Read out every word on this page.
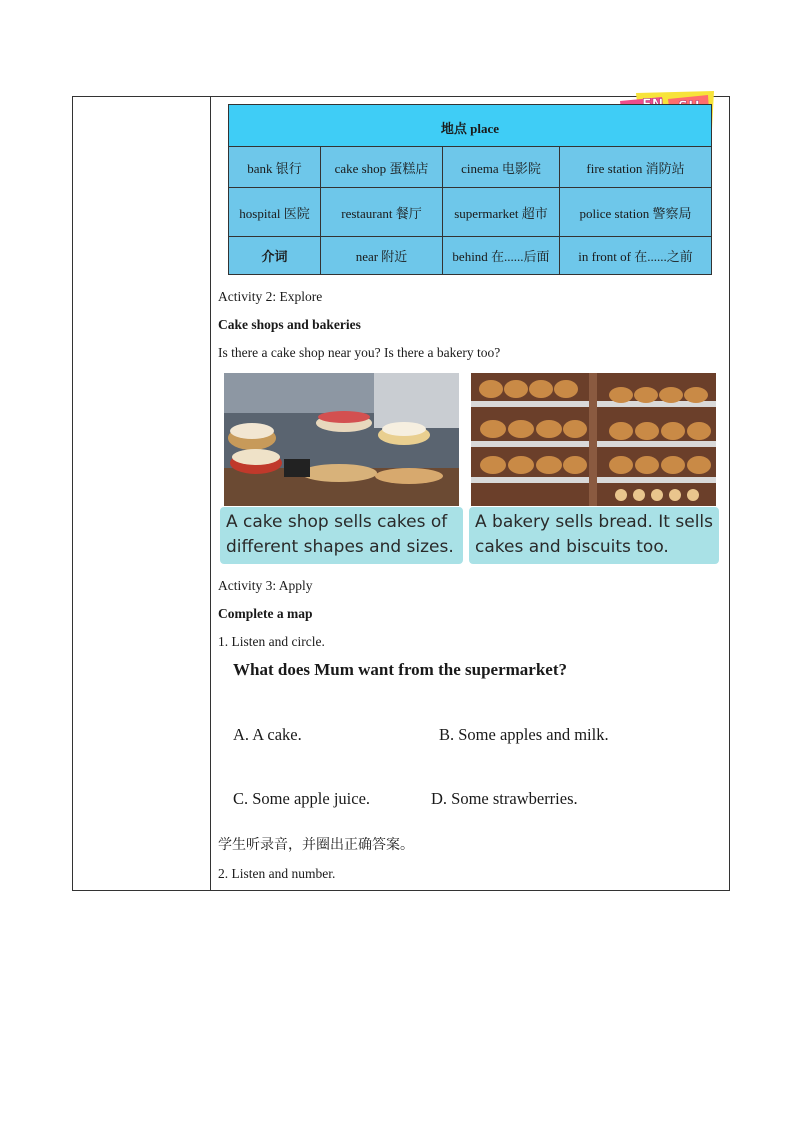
地点 place			
bank 银行	cake shop 蛋糕店	cinema 电影院	fire station 消防站
hospital 医院	restaurant 餐厅	supermarket 超市	police station 警察局
介词	near 附近	behind 在......后面	in front of 在......之前
Activity 2: Explore
Cake shops and bakeries
Is there a cake shop near you? Is there a bakery too?
A cake shop sells cakes of
different shapes and sizes.
A bakery sells bread. It sells
cakes and biscuits too.
Activity 3: Apply
Complete a map
1. Listen and circle.
What does Mum want from the supermarket?
A. A cake.	B. Some apples and milk.
C. Some apple juice.	D. Some strawberries.
学生听录音，并圈出正确答案。
2. Listen and number.
